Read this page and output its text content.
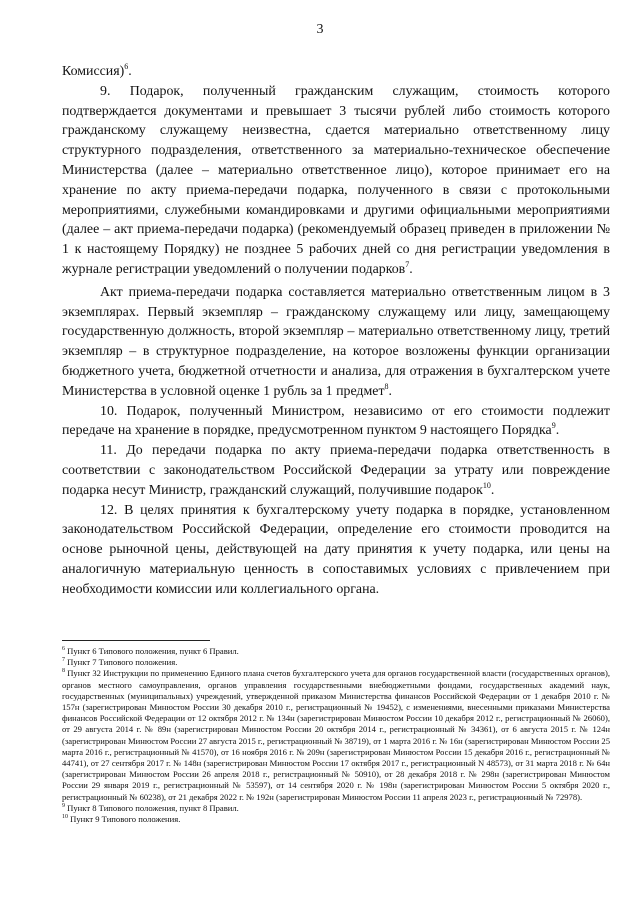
3

Комиссия)$^6$.

9. Подарок, полученный гражданским служащим, стоимость которого подтверждается документами и превышает 3 тысячи рублей либо стоимость которого гражданскому служащему неизвестна, сдается материально ответственному лицу структурного подразделения, ответственного за материально-техническое обеспечение Министерства (далее – материально ответственное лицо), которое принимает его на хранение по акту приема-передачи подарка, полученного в связи с протокольными мероприятиями, служебными командировками и другими официальными мероприятиями (далее – акт приема-передачи подарка) (рекомендуемый образец приведен в приложении № 1 к настоящему Порядку) не позднее 5 рабочих дней со дня регистрации уведомления в журнале регистрации уведомлений о получении подарков$^7$.

Акт приема-передачи подарка составляется материально ответственным лицом в 3 экземплярах. Первый экземпляр – гражданскому служащему или лицу, замещающему государственную должность, второй экземпляр – материально ответственному лицу, третий экземпляр – в структурное подразделение, на которое возложены функции организации бюджетного учета, бюджетной отчетности и анализа, для отражения в бухгалтерском учете Министерства в условной оценке 1 рубль за 1 предмет$^8$.

10. Подарок, полученный Министром, независимо от его стоимости подлежит передаче на хранение в порядке, предусмотренном пунктом 9 настоящего Порядка$^9$.

11. До передачи подарка по акту приема-передачи подарка ответственность в соответствии с законодательством Российской Федерации за утрату или повреждение подарка несут Министр, гражданский служащий, получившие подарок$^{10}$.

12. В целях принятия к бухгалтерскому учету подарка в порядке, установленном законодательством Российской Федерации, определение его стоимости проводится на основе рыночной цены, действующей на дату принятия к учету подарка, или цены на аналогичную материальную ценность в сопоставимых условиях с привлечением при необходимости комиссии или коллегиального органа.

$^6$ Пункт 6 Типового положения, пункт 6 Правил.

$^7$ Пункт 7 Типового положения.

$^8$ Пункт 32 Инструкции по применению Единого плана счетов бухгалтерского учета для органов государственной власти (государственных органов), органов местного самоуправления, органов управления государственными внебюджетными фондами, государственных академий наук, государственных (муниципальных) учреждений, утвержденной приказом Министерства финансов Российской Федерации от 1 декабря 2010 г. № 157н (зарегистрирован Минюстом России 30 декабря 2010 г., регистрационный № 19452), с изменениями, внесенными приказами Министерства финансов Российской Федерации от 12 октября 2012 г. № 134н (зарегистрирован Минюстом России 10 декабря 2012 г., регистрационный № 26060), от 29 августа 2014 г. № 89н (зарегистрирован Минюстом России 20 октября 2014 г., регистрационный № 34361), от 6 августа 2015 г. № 124н (зарегистрирован Минюстом России 27 августа 2015 г., регистрационный № 38719), от 1 марта 2016 г. № 16н (зарегистрирован Минюстом России 25 марта 2016 г., регистрационный № 41570), от 16 ноября 2016 г. № 209н (зарегистрирован Минюстом России 15 декабря 2016 г., регистрационный № 44741), от 27 сентября 2017 г. № 148н (зарегистрирован Минюстом России 17 октября 2017 г., регистрационный N 48573), от 31 марта 2018 г. № 64н (зарегистрирован Минюстом России 26 апреля 2018 г., регистрационный № 50910), от 28 декабря 2018 г. № 298н (зарегистрирован Минюстом России 29 января 2019 г., регистрационный № 53597), от 14 сентября 2020 г. № 198н (зарегистрирован Минюстом России 5 октября 2020 г., регистрационный № 60238), от 21 декабря 2022 г. № 192н (зарегистрирован Минюстом России 11 апреля 2023 г., регистрационный № 72978).

$^9$ Пункт 8 Типового положения, пункт 8 Правил.

$^{10}$ Пункт 9 Типового положения.
